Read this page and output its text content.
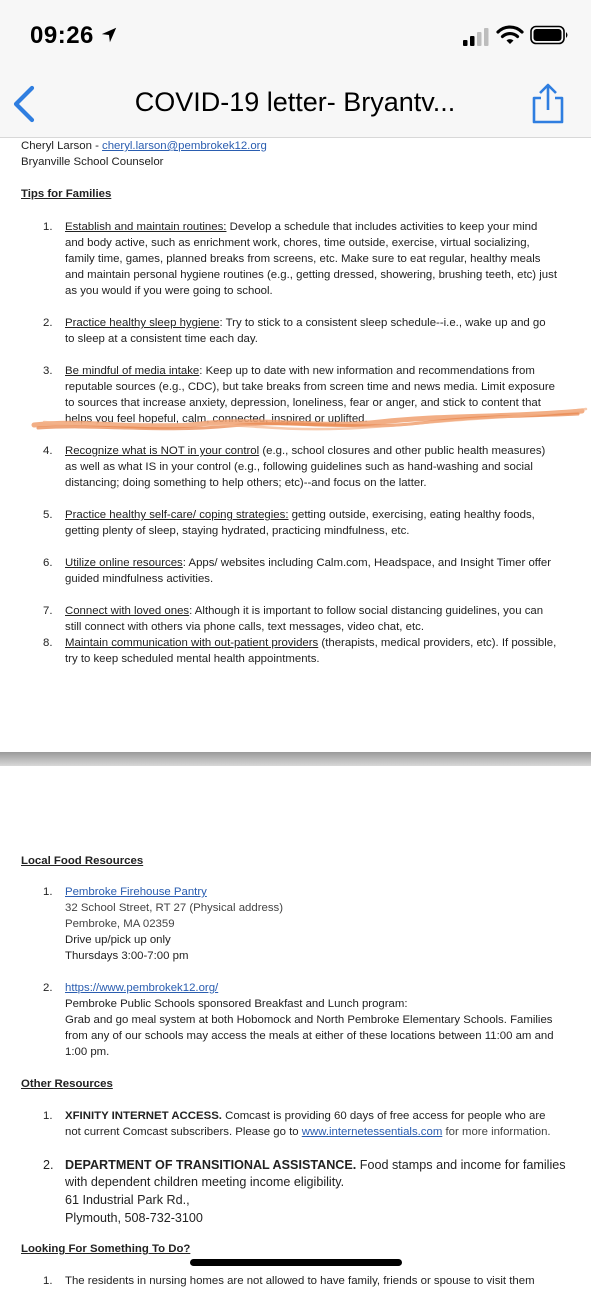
09:26
COVID-19 letter- Bryantv...
Cheryl Larson - cheryl.larson@pembrokek12.org
Bryanville School Counselor
Tips for Families
1. Establish and maintain routines: Develop a schedule that includes activities to keep your mind
and body active, such as enrichment work, chores, time outside, exercise, virtual socializing,
family time, games, planned breaks from screens, etc. Make sure to eat regular, healthy meals
and maintain personal hygiene routines (e.g., getting dressed, showering, brushing teeth, etc) just
as you would if you were going to school.
2. Practice healthy sleep hygiene: Try to stick to a consistent sleep schedule--i.e., wake up and go
to sleep at a consistent time each day.
3. Be mindful of media intake: Keep up to date with new information and recommendations from
reputable sources (e.g., CDC), but take breaks from screen time and news media. Limit exposure
to sources that increase anxiety, depression, loneliness, fear or anger, and stick to content that
helps you feel hopeful, calm, connected, inspired or uplifted.
4. Recognize what is NOT in your control (e.g., school closures and other public health measures)
as well as what IS in your control (e.g., following guidelines such as hand-washing and social
distancing; doing something to help others; etc)--and focus on the latter.
5. Practice healthy self-care/ coping strategies: getting outside, exercising, eating healthy foods,
getting plenty of sleep, staying hydrated, practicing mindfulness, etc.
6. Utilize online resources: Apps/ websites including Calm.com, Headspace, and Insight Timer offer
guided mindfulness activities.
7. Connect with loved ones: Although it is important to follow social distancing guidelines, you can
still connect with others via phone calls, text messages, video chat, etc.
8. Maintain communication with out-patient providers (therapists, medical providers, etc). If possible,
try to keep scheduled mental health appointments.
Local Food Resources
1. Pembroke Firehouse Pantry
32 School Street, RT 27 (Physical address)
Pembroke, MA 02359
Drive up/pick up only
Thursdays 3:00-7:00 pm
2. https://www.pembrokek12.org/
Pembroke Public Schools sponsored Breakfast and Lunch program:
Grab and go meal system at both Hobomock and North Pembroke Elementary Schools. Families
from any of our schools may access the meals at either of these locations between 11:00 am and
1:00 pm.
Other Resources
1. XFINITY INTERNET ACCESS. Comcast is providing 60 days of free access for people who are
not current Comcast subscribers. Please go to www.internetessentials.com for more information.
2. DEPARTMENT OF TRANSITIONAL ASSISTANCE. Food stamps and income for families
with dependent children meeting income eligibility.
61 Industrial Park Rd.,
Plymouth, 508-732-3100
Looking For Something To Do?
1. The residents in nursing homes are not allowed to have family, friends or spouse to visit them
